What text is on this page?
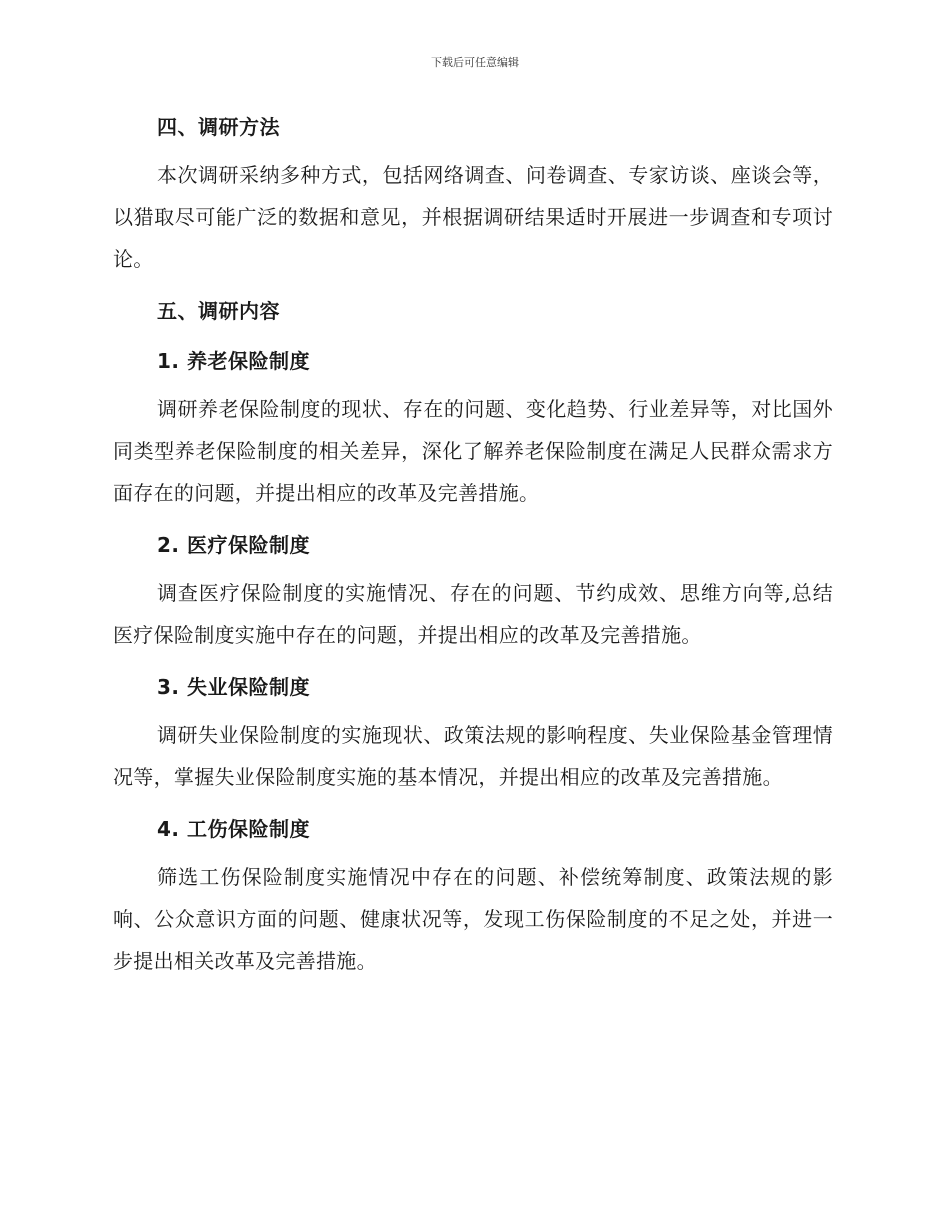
下载后可任意编辑
四、调研方法

本次调研采纳多种方式，包括网络调查、问卷调查、专家访谈、座谈会等，以猎取尽可能广泛的数据和意见，并根据调研结果适时开展进一步调查和专项讨论。

五、调研内容
1. 养老保险制度

调研养老保险制度的现状、存在的问题、变化趋势、行业差异等，对比国外同类型养老保险制度的相关差异，深化了解养老保险制度在满足人民群众需求方面存在的问题，并提出相应的改革及完善措施。

2. 医疗保险制度

调查医疗保险制度的实施情况、存在的问题、节约成效、思维方向等,总结医疗保险制度实施中存在的问题，并提出相应的改革及完善措施。

3. 失业保险制度

调研失业保险制度的实施现状、政策法规的影响程度、失业保险基金管理情况等，掌握失业保险制度实施的基本情况，并提出相应的改革及完善措施。

4. 工伤保险制度

筛选工伤保险制度实施情况中存在的问题、补偿统筹制度、政策法规的影响、公众意识方面的问题、健康状况等，发现工伤保险制度的不足之处，并进一步提出相关改革及完善措施。
